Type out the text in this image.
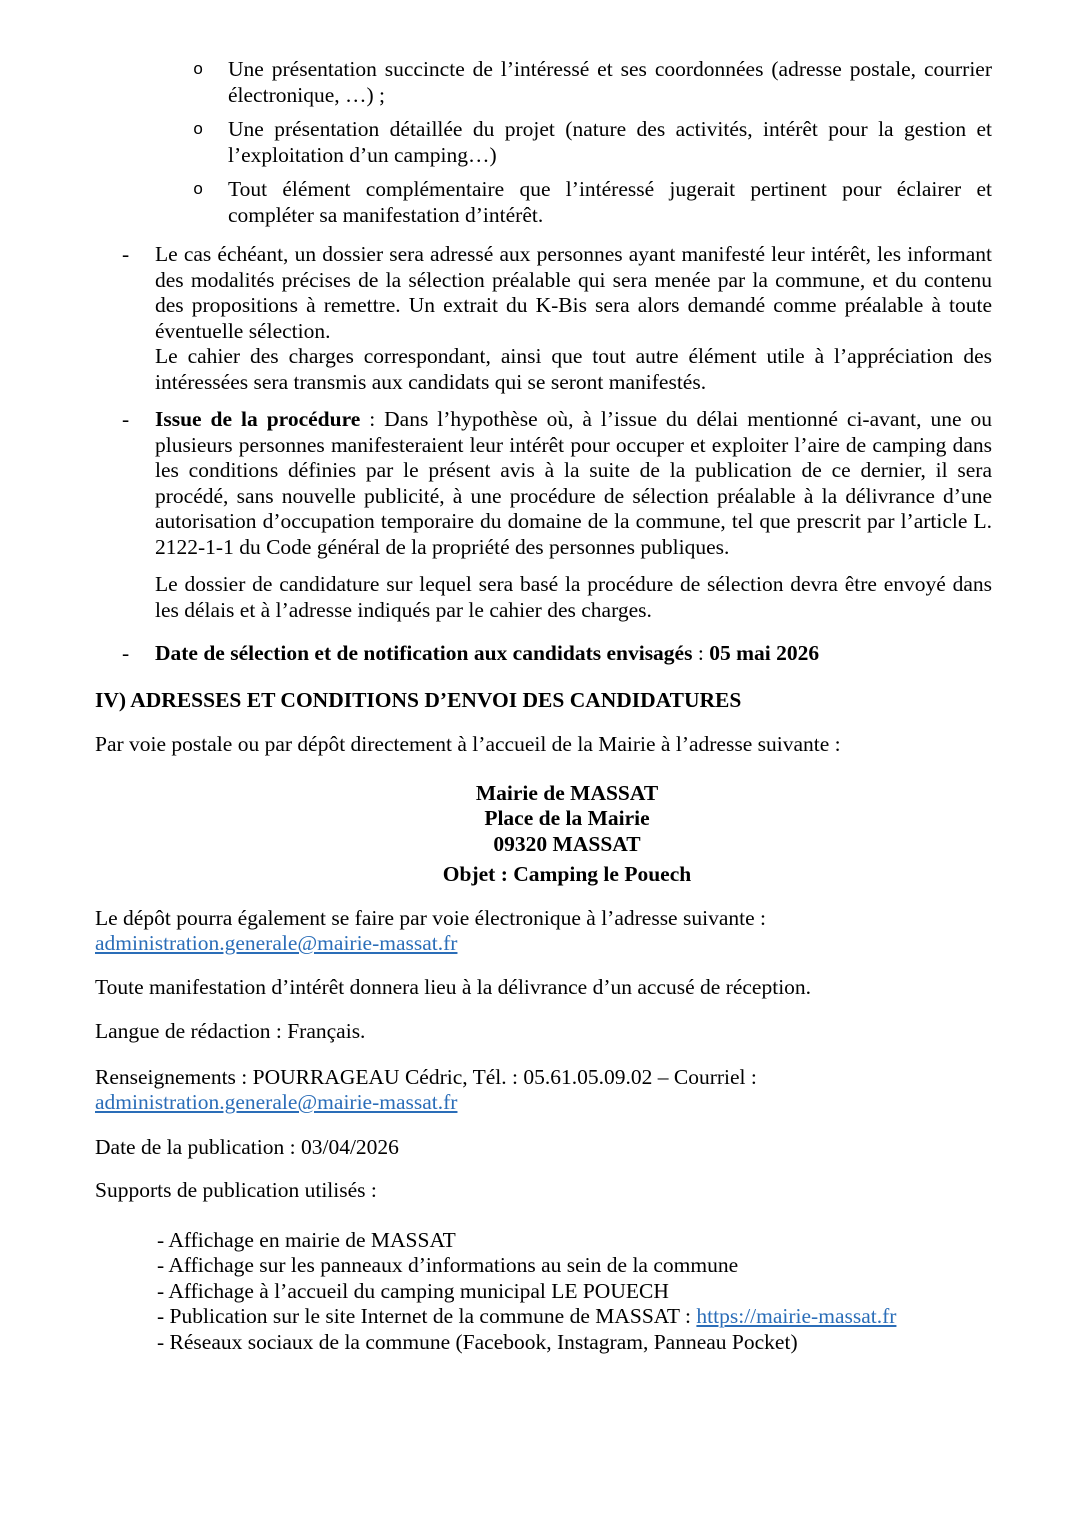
o Une présentation succincte de l’intéressé et ses coordonnées (adresse postale, courrier électronique, …) ;
o Une présentation détaillée du projet (nature des activités, intérêt pour la gestion et l’exploitation d’un camping…)
o Tout élément complémentaire que l’intéressé jugerait pertinent pour éclairer et compléter sa manifestation d’intérêt.
- Le cas échéant, un dossier sera adressé aux personnes ayant manifesté leur intérêt, les informant des modalités précises de la sélection préalable qui sera menée par la commune, et du contenu des propositions à remettre. Un extrait du K-Bis sera alors demandé comme préalable à toute éventuelle sélection.

Le cahier des charges correspondant, ainsi que tout autre élément utile à l’appréciation des intéressées sera transmis aux candidats qui se seront manifestés.

- Issue de la procédure : Dans l’hypothèse où, à l’issue du délai mentionné ci-avant, une ou plusieurs personnes manifesteraient leur intérêt pour occuper et exploiter l’aire de camping dans les conditions définies par le présent avis à la suite de la publication de ce dernier, il sera procédé, sans nouvelle publicité, à une procédure de sélection préalable à la délivrance d’une autorisation d’occupation temporaire du domaine de la commune, tel que prescrit par l’article L. 2122-1-1 du Code général de la propriété des personnes publiques.

Le dossier de candidature sur lequel sera basé la procédure de sélection devra être envoyé dans les délais et à l’adresse indiqués par le cahier des charges.

- Date de sélection et de notification aux candidats envisagés : 05 mai 2026

IV) ADRESSES ET CONDITIONS D’ENVOI DES CANDIDATURES

Par voie postale ou par dépôt directement à l’accueil de la Mairie à l’adresse suivante :

Mairie de MASSAT

Place de la Mairie

09320 MASSAT

Objet : Camping le Pouech

Le dépôt pourra également se faire par voie électronique à l’adresse suivante :

administration.generale@mairie-massat.fr

Toute manifestation d’intérêt donnera lieu à la délivrance d’un accusé de réception.

Langue de rédaction : Français.

Renseignements : POURRAGEAU Cédric, Tél. : 05.61.05.09.02 – Courriel :

administration.generale@mairie-massat.fr

Date de la publication : 03/04/2026

Supports de publication utilisés :

- Affichage en mairie de MASSAT

- Affichage sur les panneaux d’informations au sein de la commune

- Affichage à l’accueil du camping municipal LE POUECH

- Publication sur le site Internet de la commune de MASSAT : https://mairie-massat.fr

- Réseaux sociaux de la commune (Facebook, Instagram, Panneau Pocket)
